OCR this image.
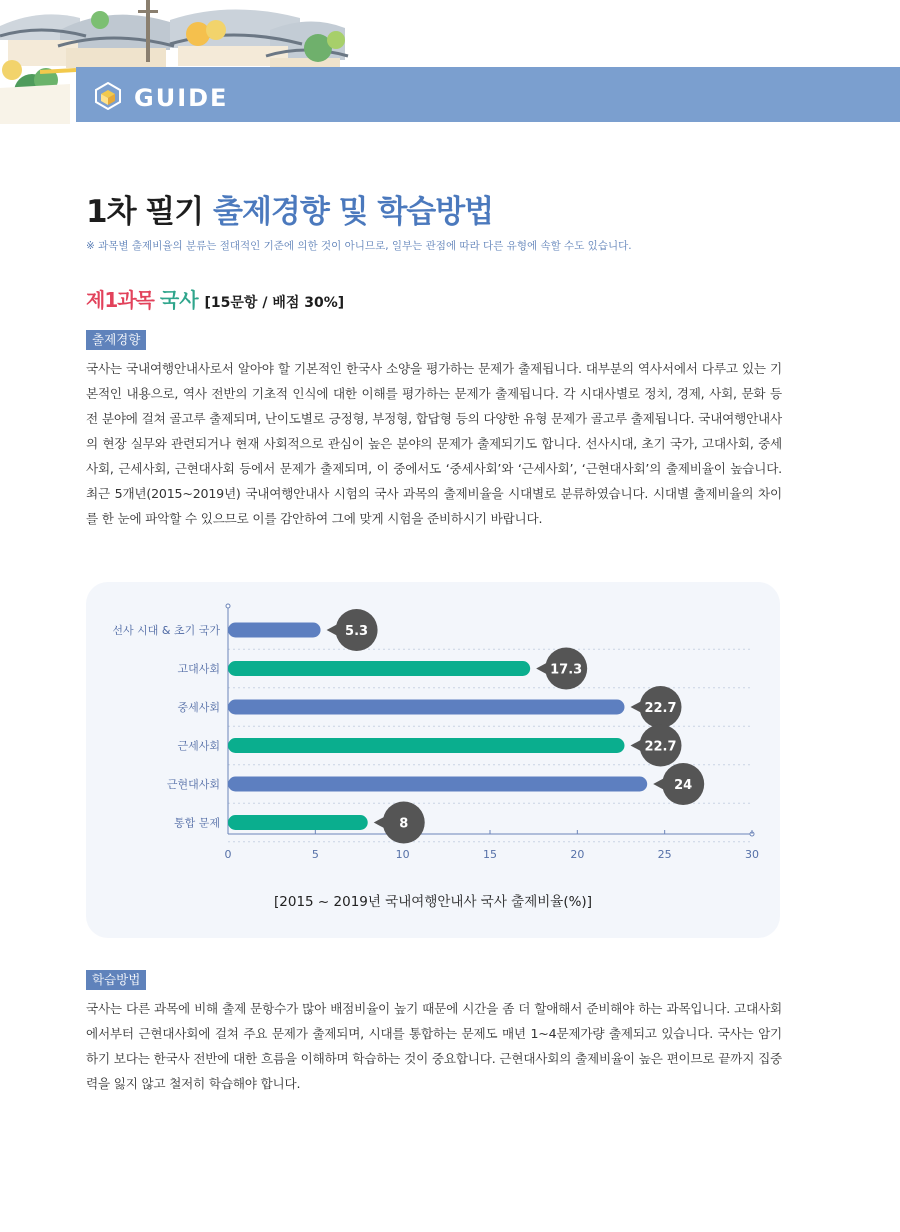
GUIDE
1차 필기 출제경향 및 학습방법
※ 과목별 출제비율의 분류는 절대적인 기준에 의한 것이 아니므로, 일부는 관점에 따라 다른 유형에 속할 수도 있습니다.
제1과목 국사 [15문항 / 배점 30%]
출제경향

국사는 국내여행안내사로서 알아야 할 기본적인 한국사 소양을 평가하는 문제가 출제됩니다. 대부분의 역사서에서 다루고 있는 기본적인 내용으로, 역사 전반의 기초적 인식에 대한 이해를 평가하는 문제가 출제됩니다. 각 시대사별로 정치, 경제, 사회, 문화 등 전 분야에 걸쳐 골고루 출제되며, 난이도별로 긍정형, 부정형, 합답형 등의 다양한 유형 문제가 골고루 출제됩니다. 국내여행안내사의 현장 실무와 관련되거나 현재 사회적으로 관심이 높은 분야의 문제가 출제되기도 합니다. 선사시대, 초기 국가, 고대사회, 중세사회, 근세사회, 근현대사회 등에서 문제가 출제되며, 이 중에서도 ‘중세사회’와 ‘근세사회’, ‘근현대사회’의 출제비율이 높습니다. 최근 5개년(2015~2019년) 국내여행안내사 시험의 국사 과목의 출제비율을 시대별로 분류하였습니다. 시대별 출제비율의 차이를 한 눈에 파악할 수 있으므로 이를 감안하여 그에 맞게 시험을 준비하시기 바랍니다.

0	5	10	15	20	25	30
선사 시대 & 초기 국가	5.3
고대사회	17.3
중세사회	22.7
근세사회	22.7
근현대사회	24
통합 문제	8
[2015 ~ 2019년 국내여행안내사 국사 출제비율(%)]
학습방법

국사는 다른 과목에 비해 출제 문항수가 많아 배점비율이 높기 때문에 시간을 좀 더 할애해서 준비해야 하는 과목입니다. 고대사회에서부터 근현대사회에 걸쳐 주요 문제가 출제되며, 시대를 통합하는 문제도 매년 1~4문제가량 출제되고 있습니다. 국사는 암기하기 보다는 한국사 전반에 대한 흐름을 이해하며 학습하는 것이 중요합니다. 근현대사회의 출제비율이 높은 편이므로 끝까지 집중력을 잃지 않고 철저히 학습해야 합니다.
